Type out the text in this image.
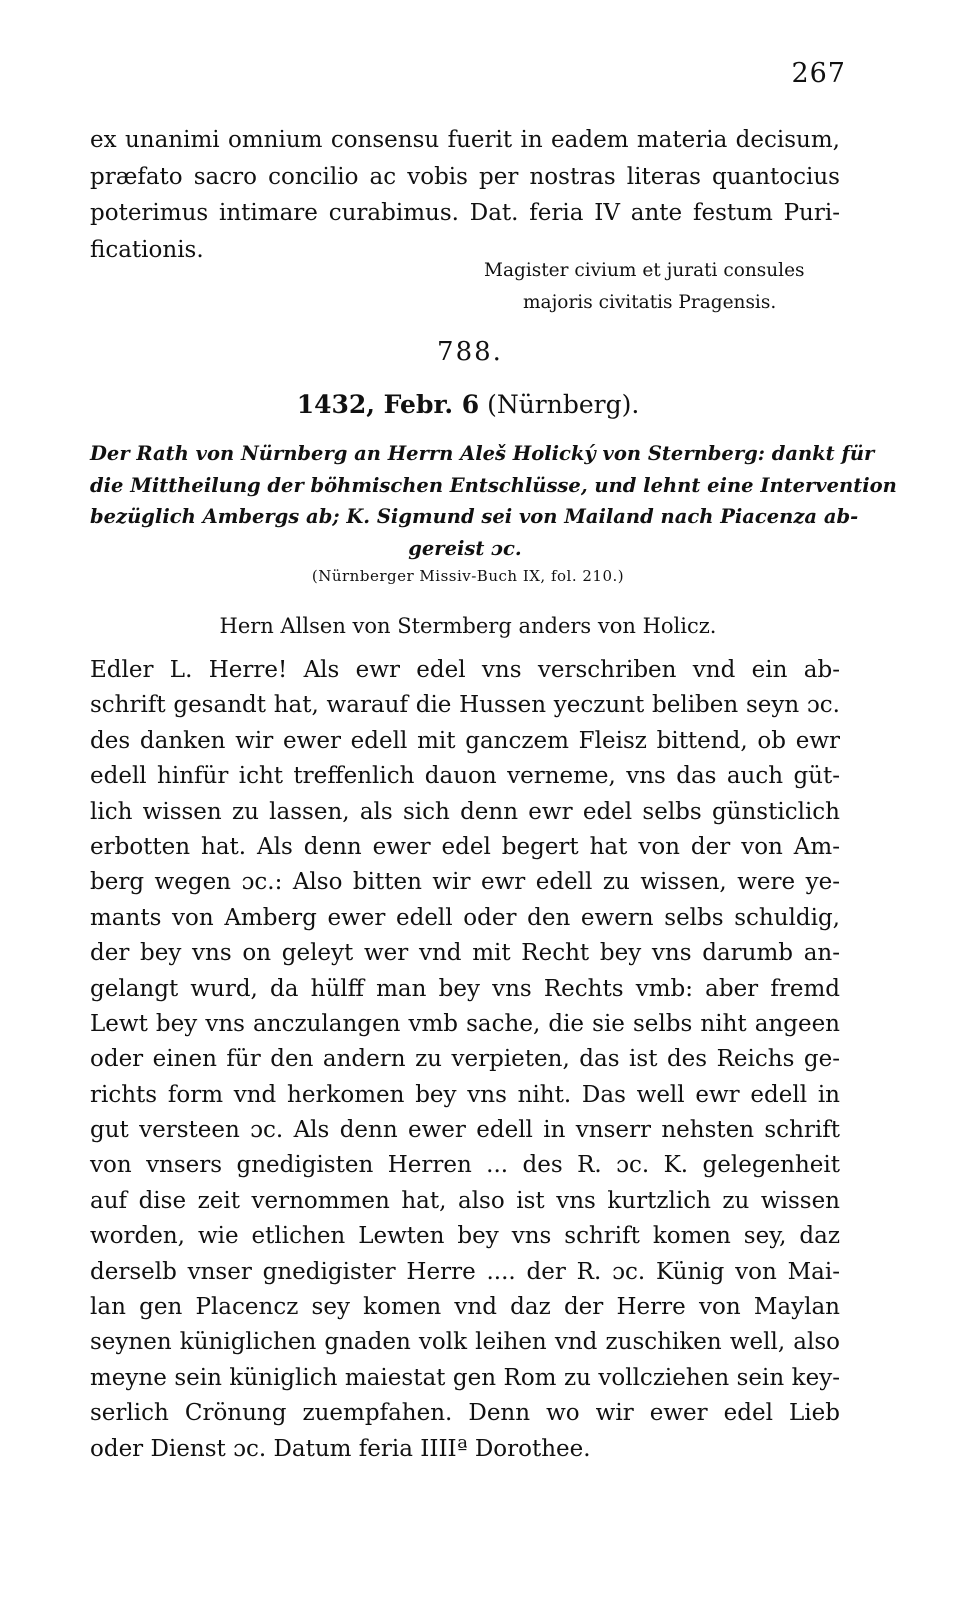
267
ex unanimi omnium consensu fuerit in eadem materia decisum,
præfato sacro concilio ac vobis per nostras literas quantocius
poterimus intimare curabimus. Dat. feria IV ante festum Puri-
ficationis.
Magister civium et jurati consules
majoris civitatis Pragensis.
788.
1432, Febr. 6 (Nürnberg).
Der Rath von Nürnberg an Herrn Aleš Holický von Sternberg: dankt für
die Mittheilung der böhmischen Entschlüsse, und lehnt eine Intervention
bezüglich Ambergs ab; K. Sigmund sei von Mailand nach Piacenza ab-
gereist ɔc.
(Nürnberger Missiv-Buch IX, fol. 210.)
Hern Allsen von Stermberg anders von Holicz.
Edler L. Herre! Als ewr edel vns verschriben vnd ein ab-
schrift gesandt hat, warauf die Hussen yeczunt beliben seyn ɔc.
des danken wir ewer edell mit ganczem Fleisz bittend, ob ewr
edell hinfür icht treffenlich dauon verneme, vns das auch güt-
lich wissen zu lassen, als sich denn ewr edel selbs günsticlich
erbotten hat. Als denn ewer edel begert hat von der von Am-
berg wegen ɔc.: Also bitten wir ewr edell zu wissen, were ye-
mants von Amberg ewer edell oder den ewern selbs schuldig,
der bey vns on geleyt wer vnd mit Recht bey vns darumb an-
gelangt wurd, da hülff man bey vns Rechts vmb: aber fremd
Lewt bey vns anczulangen vmb sache, die sie selbs niht angeen
oder einen für den andern zu verpieten, das ist des Reichs ge-
richts form vnd herkomen bey vns niht. Das well ewr edell in
gut versteen ɔc. Als denn ewer edell in vnserr nehsten schrift
von vnsers gnedigisten Herren ... des R. ɔc. K. gelegenheit
auf dise zeit vernommen hat, also ist vns kurtzlich zu wissen
worden, wie etlichen Lewten bey vns schrift komen sey, daz
derselb vnser gnedigister Herre .... der R. ɔc. Künig von Mai-
lan gen Placencz sey komen vnd daz der Herre von Maylan
seynen küniglichen gnaden volk leihen vnd zuschiken well, also
meyne sein küniglich maiestat gen Rom zu vollcziehen sein key-
serlich Crönung zuempfahen. Denn wo wir ewer edel Lieb
oder Dienst ɔc. Datum feria IIIIª Dorothee.
